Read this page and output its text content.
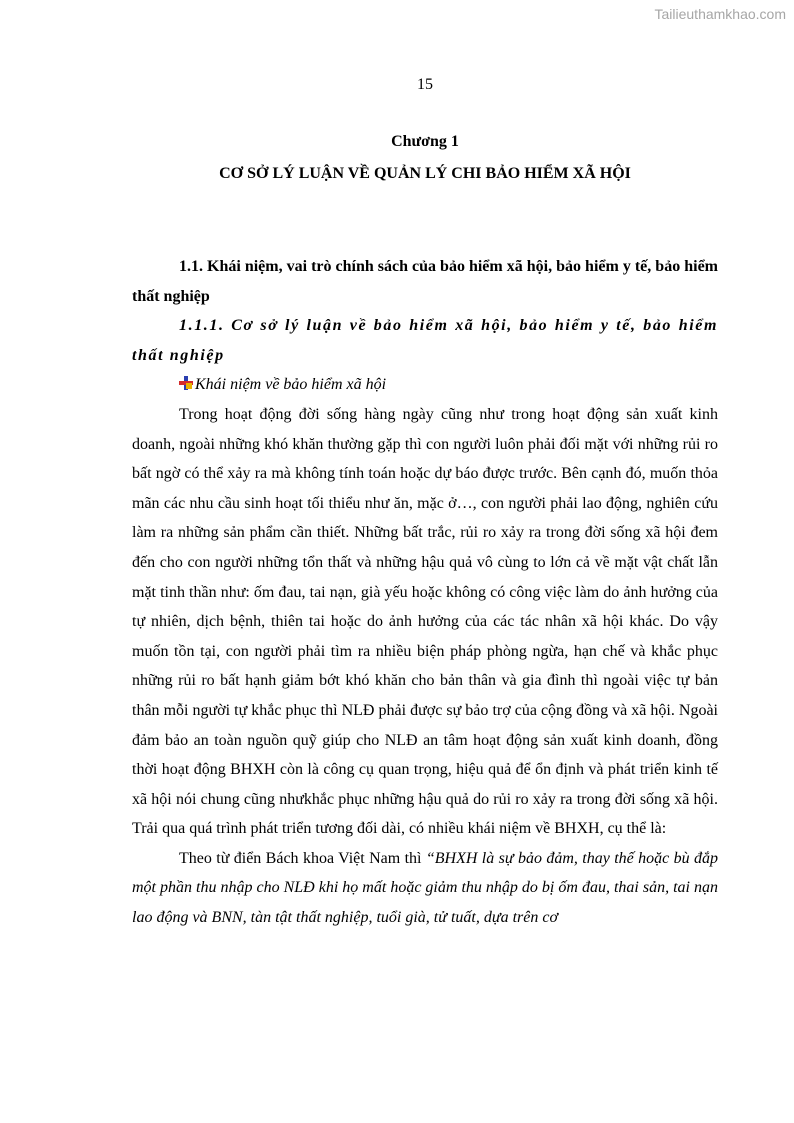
Tailieuthamkhao.com
15
Chương 1
CƠ SỞ LÝ LUẬN VỀ QUẢN LÝ CHI BẢO HIỂM XÃ HỘI

1.1. Khái niệm, vai trò chính sách của bảo hiểm xã hội, bảo hiểm y tế, bảo hiểm thất nghiệp

1.1.1. Cơ sở lý luận về bảo hiểm xã hội, bảo hiểm y tế, bảo hiểm thất nghiệp

Khái niệm về bảo hiểm xã hội

Trong hoạt động đời sống hàng ngày cũng như trong hoạt động sản xuất kinh doanh, ngoài những khó khăn thường gặp thì con người luôn phải đối mặt với những rủi ro bất ngờ có thể xảy ra mà không tính toán hoặc dự báo được trước. Bên cạnh đó, muốn thỏa mãn các nhu cầu sinh hoạt tối thiểu như ăn, mặc ở…, con người phải lao động, nghiên cứu làm ra những sản phẩm cần thiết. Những bất trắc, rủi ro xảy ra trong đời sống xã hội đem đến cho con người những tổn thất và những hậu quả vô cùng to lớn cả về mặt vật chất lẫn mặt tinh thần như: ốm đau, tai nạn, già yếu hoặc không có công việc làm do ảnh hưởng của tự nhiên, dịch bệnh, thiên tai hoặc do ảnh hưởng của các tác nhân xã hội khác. Do vậy muốn tồn tại, con người phải tìm ra nhiều biện pháp phòng ngừa, hạn chế và khắc phục những rủi ro bất hạnh giảm bớt khó khăn cho bản thân và gia đình thì ngoài việc tự bản thân mỗi người tự khắc phục thì NLĐ phải được sự bảo trợ của cộng đồng và xã hội. Ngoài đảm bảo an toàn nguồn quỹ giúp cho NLĐ an tâm hoạt động sản xuất kinh doanh, đồng thời hoạt động BHXH còn là công cụ quan trọng, hiệu quả để ổn định và phát triển kinh tế xã hội nói chung cũng nhưkhắc phục những hậu quả do rủi ro xảy ra trong đời sống xã hội. Trải qua quá trình phát triển tương đối dài, có nhiều khái niệm về BHXH, cụ thể là:

Theo từ điển Bách khoa Việt Nam thì “BHXH là sự bảo đảm, thay thế hoặc bù đắp một phần thu nhập cho NLĐ khi họ mất hoặc giảm thu nhập do bị ốm đau, thai sản, tai nạn lao động và BNN, tàn tật thất nghiệp, tuổi già, tử tuất, dựa trên cơ
